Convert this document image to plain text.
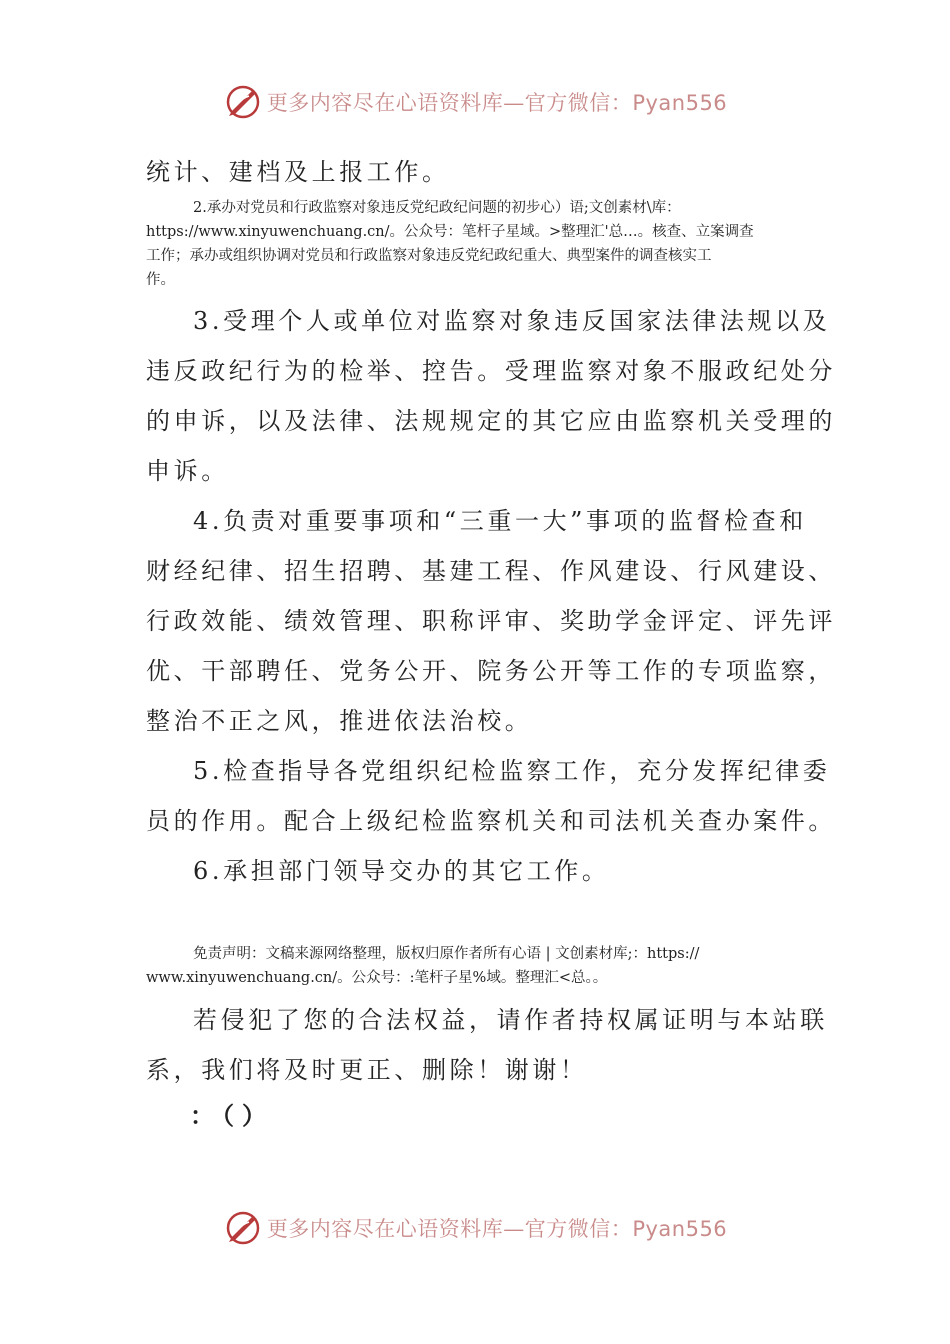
更多内容尽在心语资料库—官方微信：Pyan556
统计、建档及上报工作。
2.承办对党员和行政监察对象违反党纪政纪问题的初步心）语;文创素材\库：
https://www.xinyuwenchuang.cn/。公众号：笔杆子星域。>整理汇'总…。核查、立案调查
工作；承办或组织协调对党员和行政监察对象违反党纪政纪重大、典型案件的调查核实工
作。
3.受理个人或单位对监察对象违反国家法律法规以及
违反政纪行为的检举、控告。受理监察对象不服政纪处分
的申诉，以及法律、法规规定的其它应由监察机关受理的
申诉。
4.负责对重要事项和“三重一大”事项的监督检查和
财经纪律、招生招聘、基建工程、作风建设、行风建设、
行政效能、绩效管理、职称评审、奖助学金评定、评先评
优、干部聘任、党务公开、院务公开等工作的专项监察，
整治不正之风，推进依法治校。
5.检查指导各党组织纪检监察工作，充分发挥纪律委
员的作用。配合上级纪检监察机关和司法机关查办案件。
6.承担部门领导交办的其它工作。
免责声明：文稿来源网络整理，版权归原作者所有心语 | 文创素材库;：https://
www.xinyuwenchuang.cn/。公众号：:笔杆子星%域。整理汇<总。。
若侵犯了您的合法权益，请作者持权属证明与本站联
系，我们将及时更正、删除！谢谢！
：（）
更多内容尽在心语资料库—官方微信：Pyan556
